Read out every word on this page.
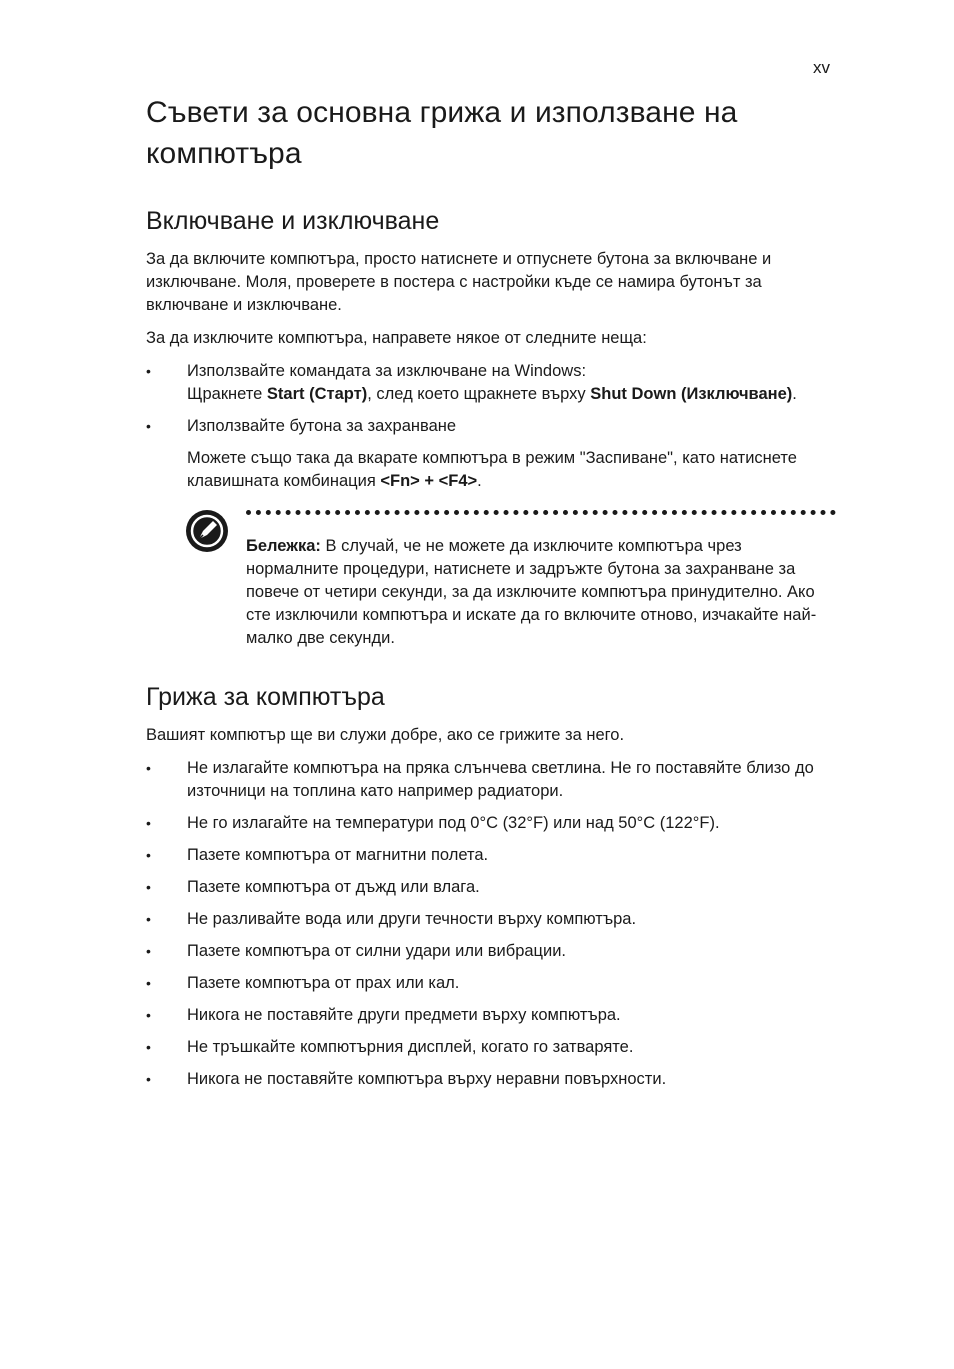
xv
Съвети за основна грижа и използване на компютъра
Включване и изключване

За да включите компютъра, просто натиснете и отпуснете бутона за включване и изключване. Моля, проверете в постера с настройки къде се намира бутонът за включване и изключване.

За да изключите компютъра, направете някое от следните неща:

• Използвайте командата за изключване на Windows:
Щракнете Start (Старт), след което щракнете върху Shut Down (Изключване).
• Използвайте бутона за захранване

Можете също така да вкарате компютъра в режим "Заспиване", като натиснете клавишната комбинация <Fn> + <F4>.

Бележка: В случай, че не можете да изключите компютъра чрез нормалните процедури, натиснете и задръжте бутона за захранване за повече от четири секунди, за да изключите компютъра принудително. Ако сте изключили компютъра и искате да го включите отново, изчакайте най-малко две секунди.
Грижа за компютъра

Вашият компютър ще ви служи добре, ако се грижите за него.

• Не излагайте компютъра на пряка слънчева светлина. Не го поставяйте близо до източници на топлина като например радиатори.
• Не го излагайте на температури под 0°C (32°F) или над 50°C (122°F).
• Пазете компютъра от магнитни полета.
• Пазете компютъра от дъжд или влага.
• Не разливайте вода или други течности върху компютъра.
• Пазете компютъра от силни удари или вибрации.
• Пазете компютъра от прах или кал.
• Никога не поставяйте други предмети върху компютъра.
• Не тръшкайте компютърния дисплей, когато го затваряте.
• Никога не поставяйте компютъра върху неравни повърхности.
